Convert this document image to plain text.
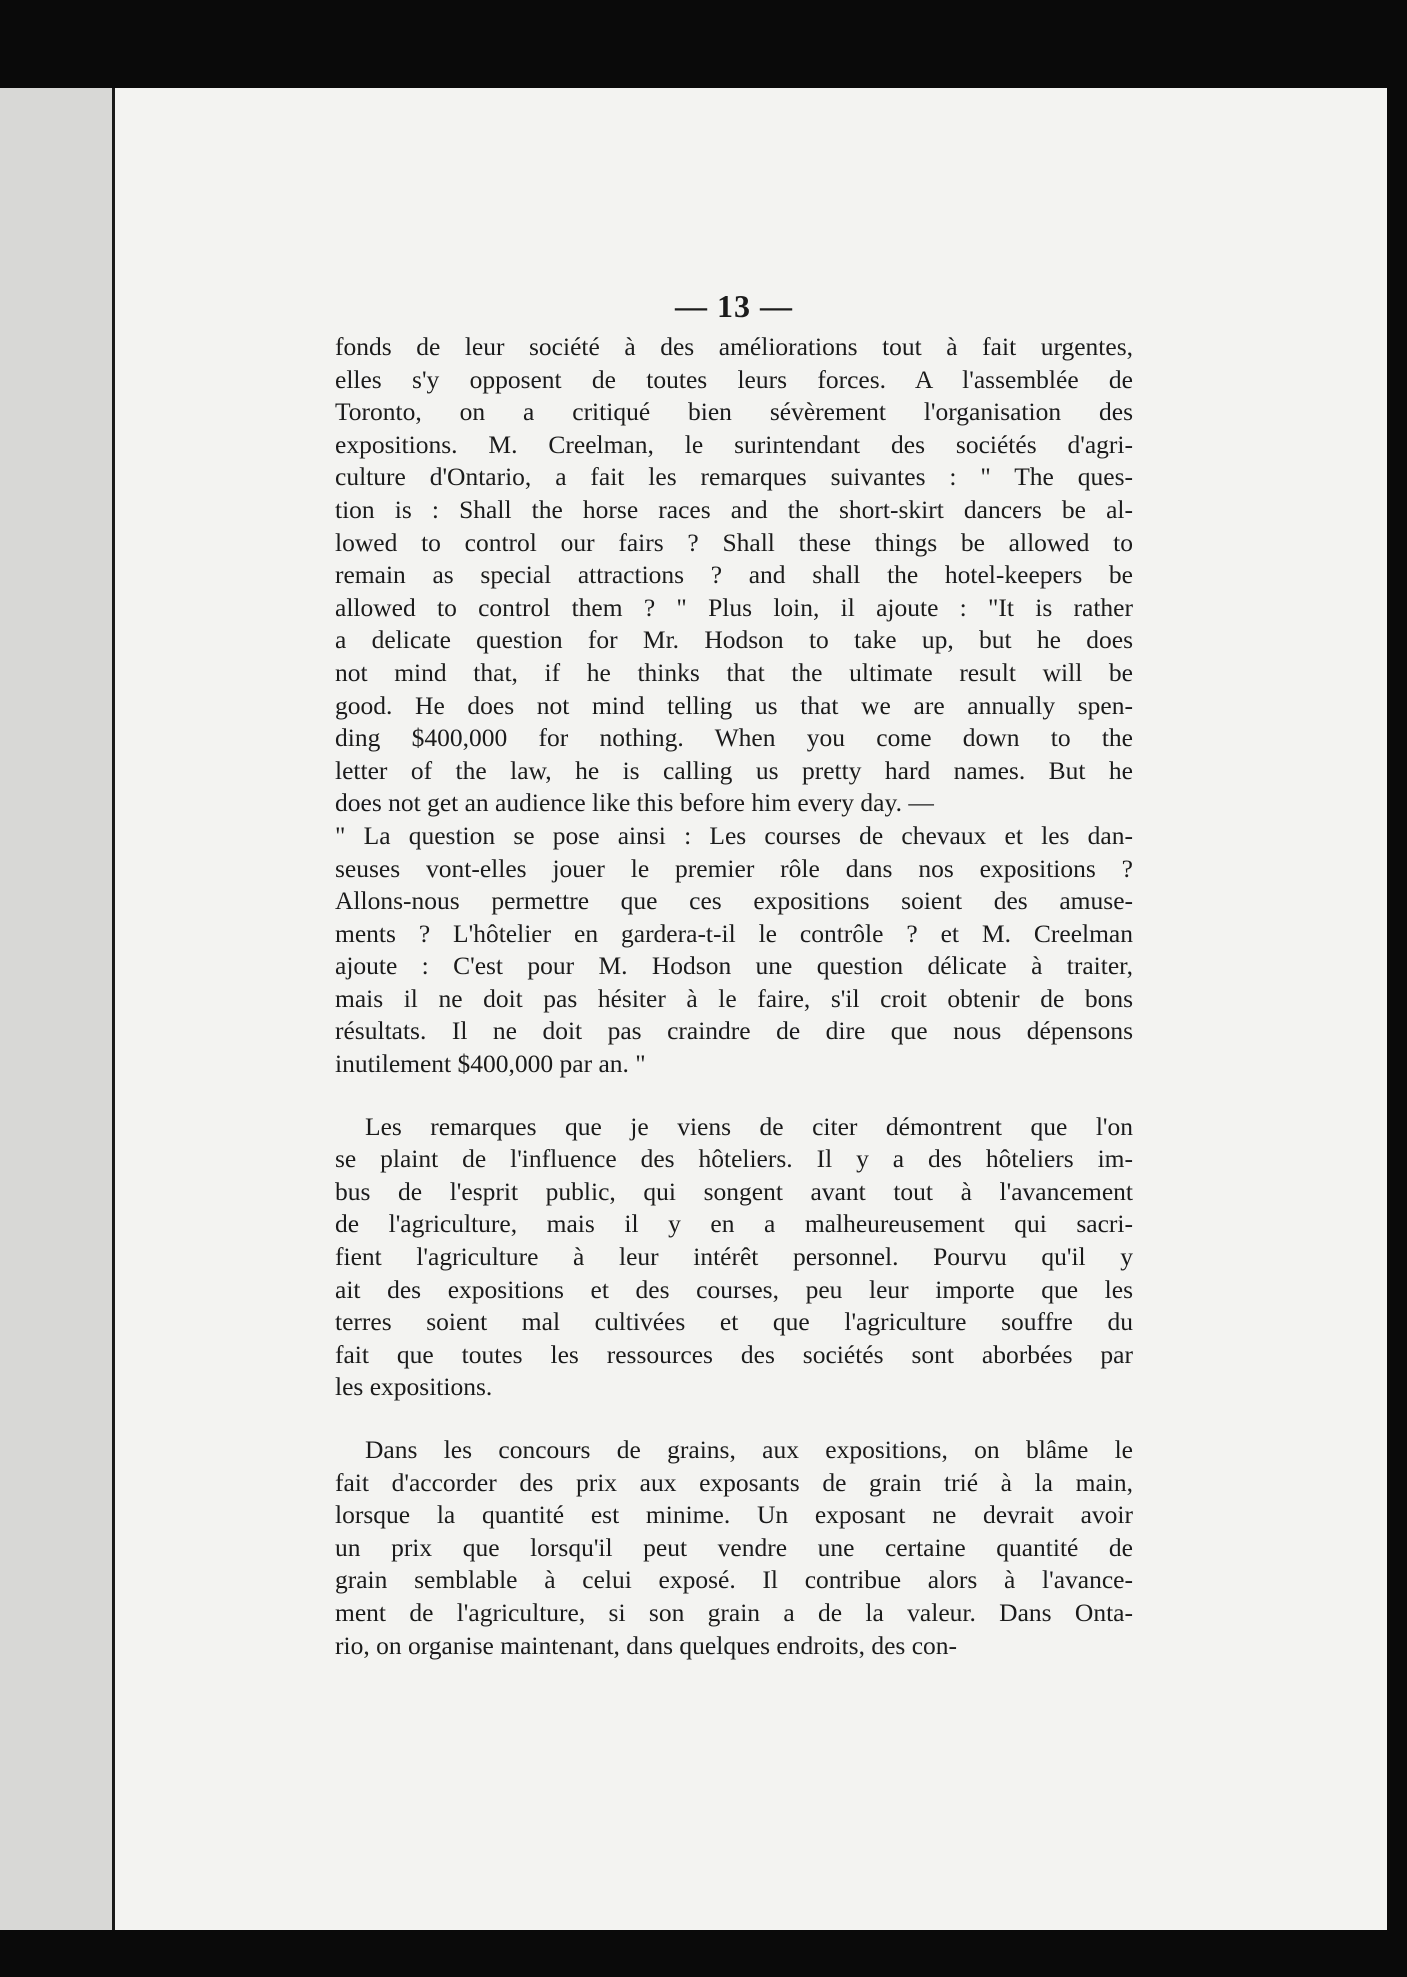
— 13 —
fonds de leur société à des améliorations tout à fait urgentes,
elles s'y opposent de toutes leurs forces. A l'assemblée de
Toronto, on a critiqué bien sévèrement l'organisation des
expositions. M. Creelman, le surintendant des sociétés d'agri-
culture d'Ontario, a fait les remarques suivantes : " The ques-
tion is : Shall the horse races and the short-skirt dancers be al-
lowed to control our fairs ? Shall these things be allowed to
remain as special attractions ? and shall the hotel-keepers be
allowed to control them ? " Plus loin, il ajoute : "It is rather
a delicate question for Mr. Hodson to take up, but he does
not mind that, if he thinks that the ultimate result will be
good. He does not mind telling us that we are annually spen-
ding $400,000 for nothing. When you come down to the
letter of the law, he is calling us pretty hard names. But he
does not get an audience like this before him every day. —
" La question se pose ainsi : Les courses de chevaux et les dan-
seuses vont-elles jouer le premier rôle dans nos expositions ?
Allons-nous permettre que ces expositions soient des amuse-
ments ? L'hôtelier en gardera-t-il le contrôle ? et M. Creelman
ajoute : C'est pour M. Hodson une question délicate à traiter,
mais il ne doit pas hésiter à le faire, s'il croit obtenir de bons
résultats. Il ne doit pas craindre de dire que nous dépensons
inutilement $400,000 par an. "
Les remarques que je viens de citer démontrent que l'on
se plaint de l'influence des hôteliers. Il y a des hôteliers im-
bus de l'esprit public, qui songent avant tout à l'avancement
de l'agriculture, mais il y en a malheureusement qui sacri-
fient l'agriculture à leur intérêt personnel. Pourvu qu'il y
ait des expositions et des courses, peu leur importe que les
terres soient mal cultivées et que l'agriculture souffre du
fait que toutes les ressources des sociétés sont aborbées par
les expositions.
Dans les concours de grains, aux expositions, on blâme le
fait d'accorder des prix aux exposants de grain trié à la main,
lorsque la quantité est minime. Un exposant ne devrait avoir
un prix que lorsqu'il peut vendre une certaine quantité de
grain semblable à celui exposé. Il contribue alors à l'avance-
ment de l'agriculture, si son grain a de la valeur. Dans Onta-
rio, on organise maintenant, dans quelques endroits, des con-
